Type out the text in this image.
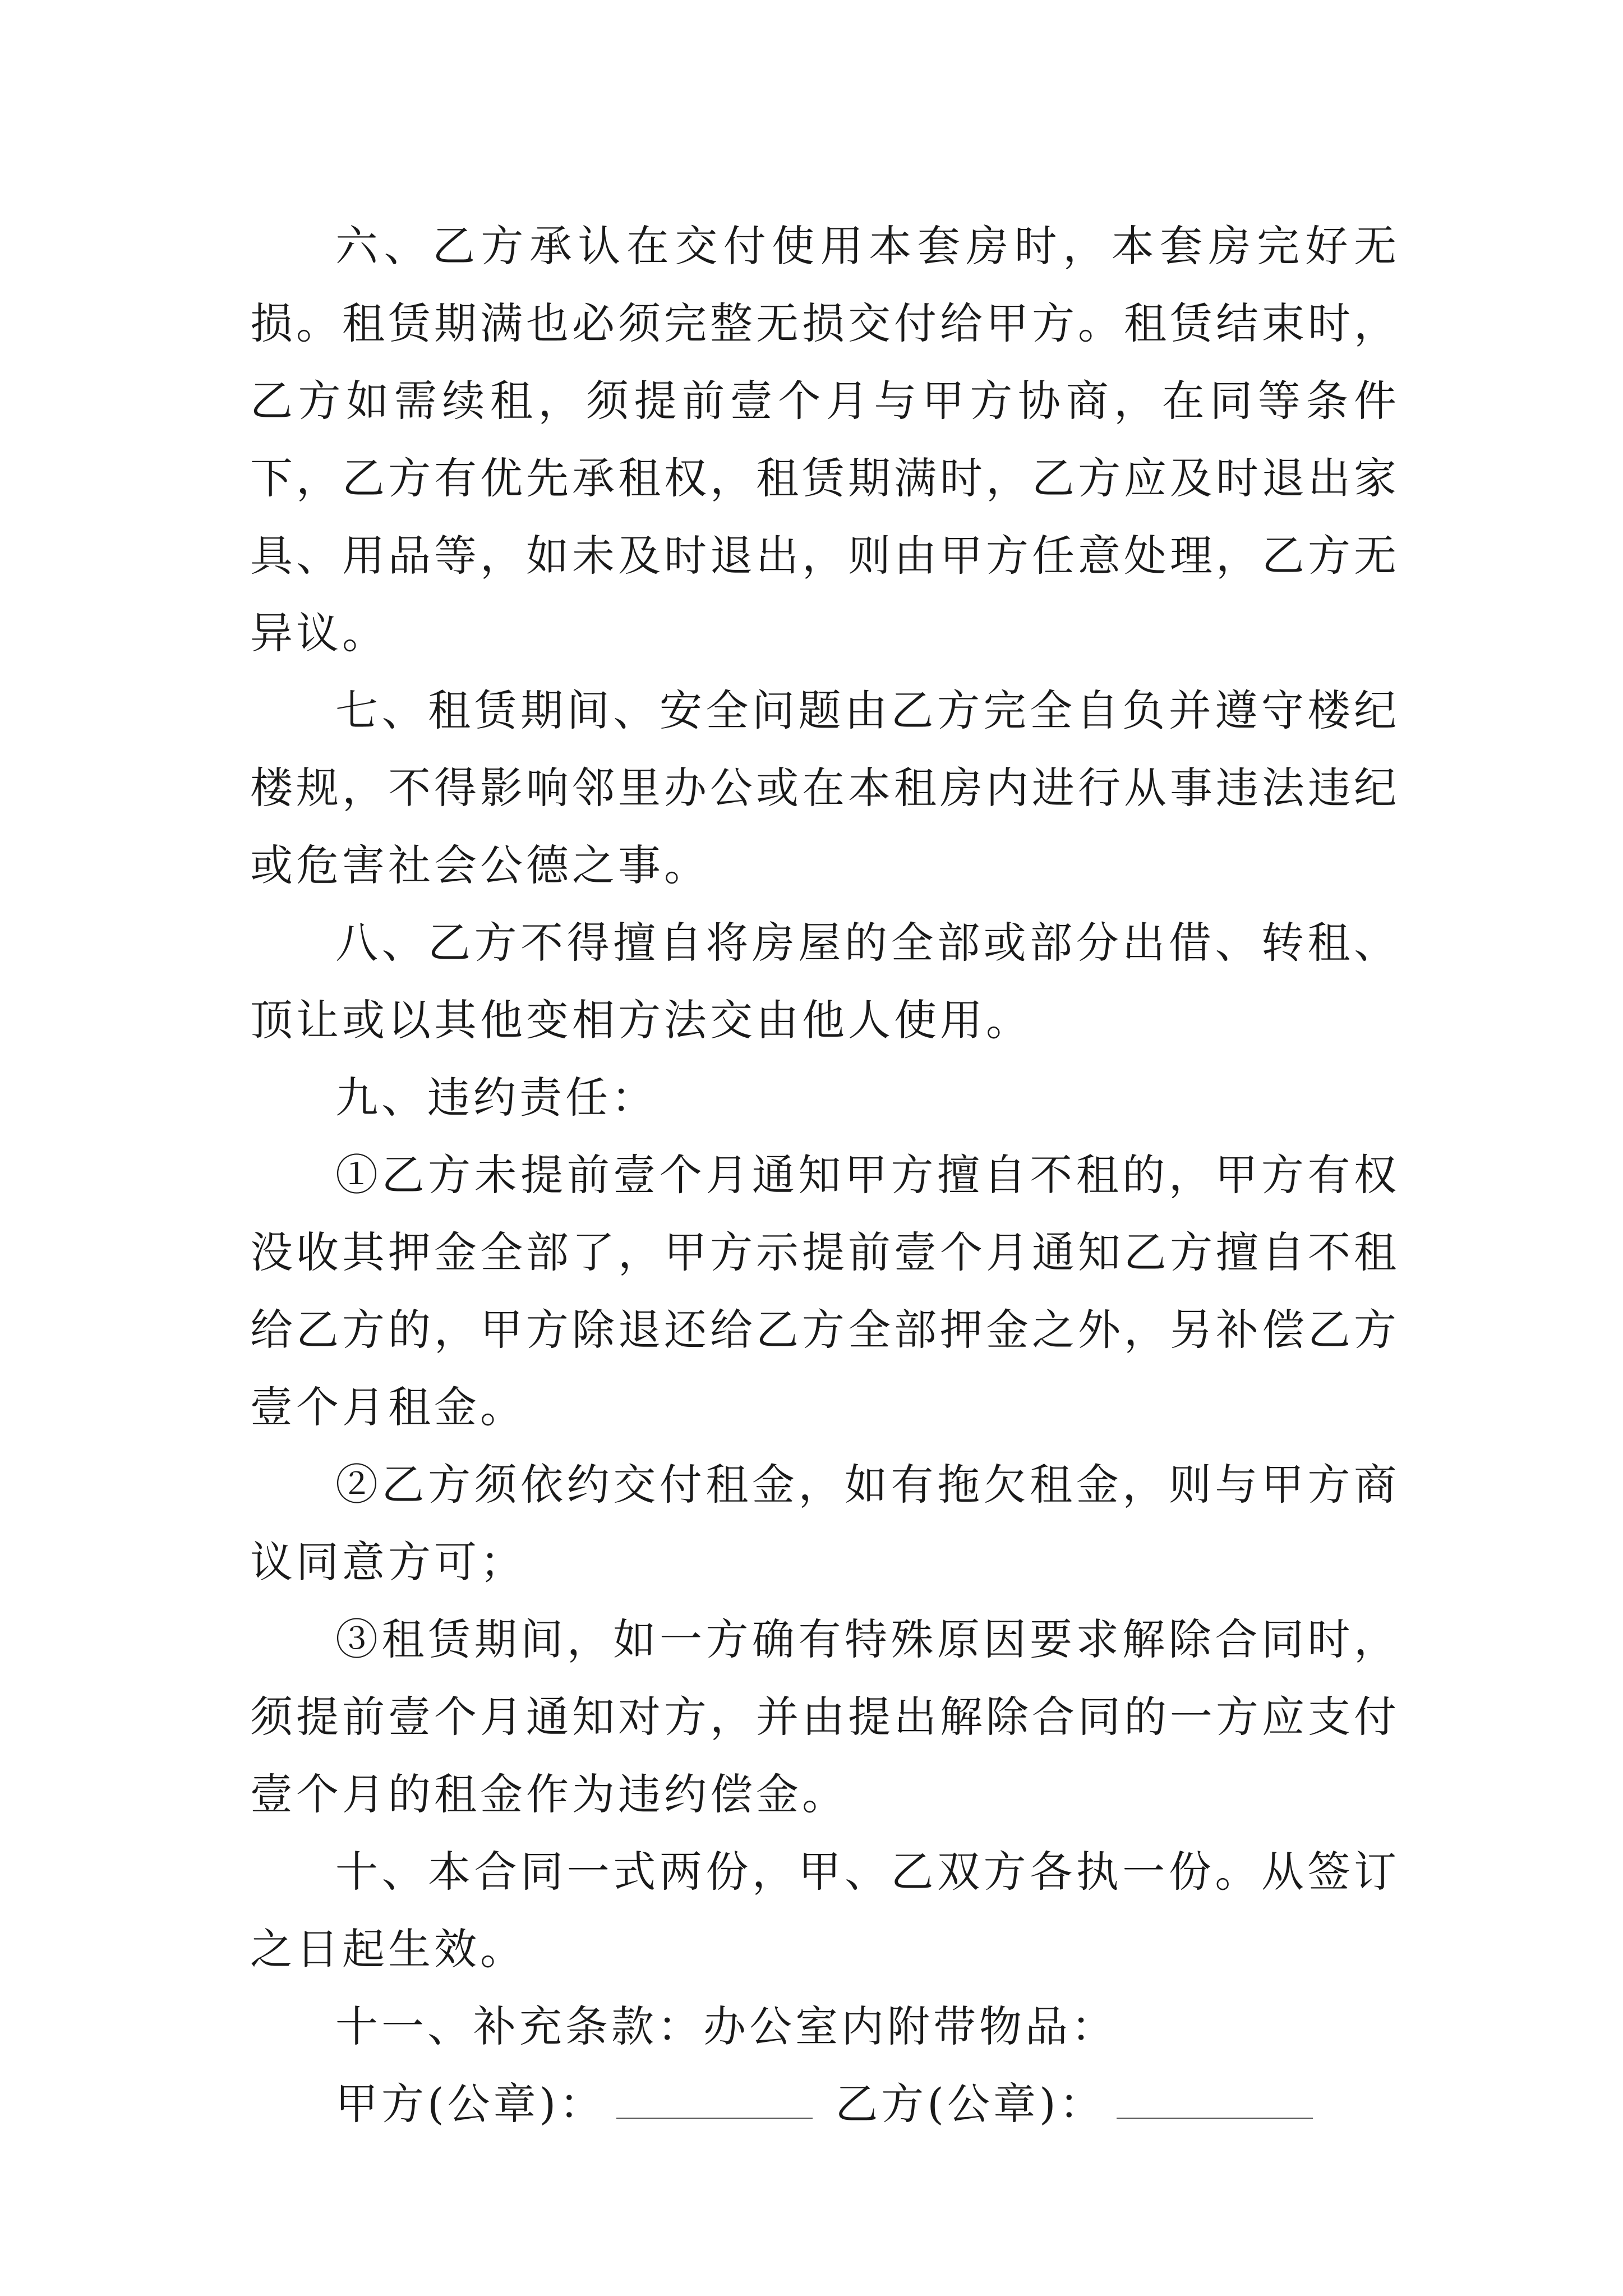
六、乙方承认在交付使用本套房时，本套房完好无损。租赁期满也必须完整无损交付给甲方。租赁结束时，乙方如需续租，须提前壹个月与甲方协商，在同等条件下，乙方有优先承租权，租赁期满时，乙方应及时退出家具、用品等，如未及时退出，则由甲方任意处理，乙方无异议。

七、租赁期间、安全问题由乙方完全自负并遵守楼纪楼规，不得影响邻里办公或在本租房内进行从事违法违纪或危害社会公德之事。

八、乙方不得擅自将房屋的全部或部分出借、转租、顶让或以其他变相方法交由他人使用。

九、违约责任：

①乙方未提前壹个月通知甲方擅自不租的，甲方有权没收其押金全部了，甲方示提前壹个月通知乙方擅自不租给乙方的，甲方除退还给乙方全部押金之外，另补偿乙方壹个月租金。

②乙方须依约交付租金，如有拖欠租金，则与甲方商议同意方可；

③租赁期间，如一方确有特殊原因要求解除合同时，须提前壹个月通知对方，并由提出解除合同的一方应支付壹个月的租金作为违约偿金。

十、本合同一式两份，甲、乙双方各执一份。从签订之日起生效。

十一、补充条款：办公室内附带物品：

甲方(公章)：	乙方(公章)：
